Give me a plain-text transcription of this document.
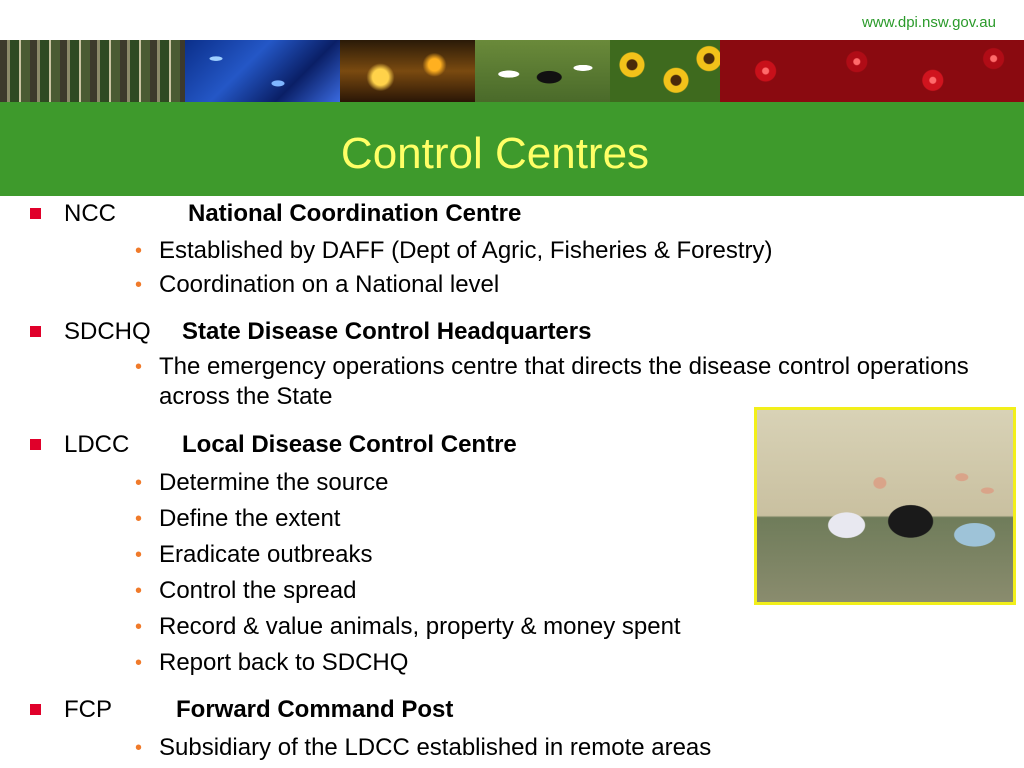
www.dpi.nsw.gov.au
Control Centres
NCC	National Coordination Centre
• Established by DAFF (Dept of Agric, Fisheries & Forestry)
• Coordination on a National level
SDCHQ State Disease Control Headquarters
• The emergency operations centre that directs the disease control operations across the State
LDCC Local Disease Control Centre
• Determine the source
• Define the extent
• Eradicate outbreaks
• Control the spread
• Record & value animals, property & money spent
• Report back to SDCHQ
FCP	Forward Command Post
• Subsidiary of the LDCC established in remote areas
